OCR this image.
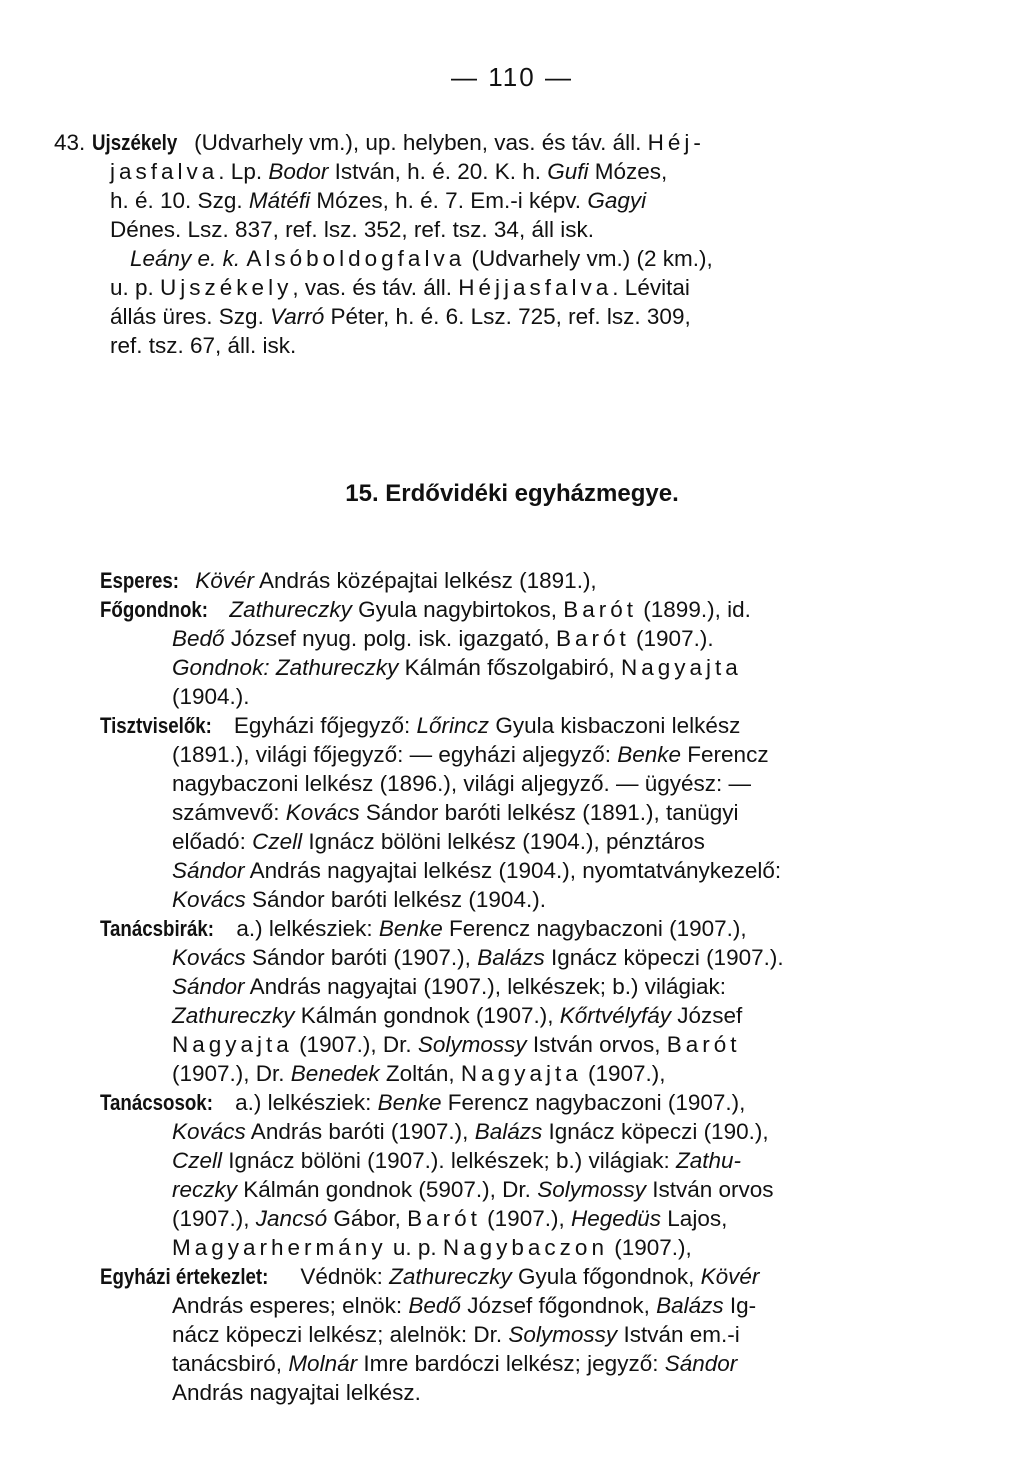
— 110 —
15. Erdővidéki egyházmegye.
43. Ujszékely (Udvarhely vm.), up. helyben, vas. és táv. áll. Héj-
jasfalva. Lp. Bodor István, h. é. 20. K. h. Gufi Mózes,
h. é. 10. Szg. Mátéfi Mózes, h. é. 7. Em.-i képv. Gagyi
Dénes. Lsz. 837, ref. lsz. 352, ref. tsz. 34, áll isk.
Leány e. k. Alsóboldogfalva (Udvarhely vm.) (2 km.),
u. p. Ujszékely, vas. és táv. áll. Héjjasfalva. Lévitai
állás üres. Szg. Varró Péter, h. é. 6. Lsz. 725, ref. lsz. 309,
ref. tsz. 67, áll. isk.
Esperes: Kövér András középajtai lelkész (1891.),
Főgondnok: Zathureczky Gyula nagybirtokos, Barót (1899.), id.
Bedő József nyug. polg. isk. igazgató, Barót (1907.).
Gondnok: Zathureczky Kálmán főszolgabiró, Nagyajta
(1904.).
Tisztviselők: Egyházi főjegyző: Lőrincz Gyula kisbaczoni lelkész
(1891.), világi főjegyző: — egyházi aljegyző: Benke Ferencz
nagybaczoni lelkész (1896.), világi aljegyző. — ügyész: —
számvevő: Kovács Sándor baróti lelkész (1891.), tanügyi
előadó: Czell Ignácz bölöni lelkész (1904.), pénztáros
Sándor András nagyajtai lelkész (1904.), nyomtatványkezelő:
Kovács Sándor baróti lelkész (1904.).
Tanácsbirák: a.) lelkésziek: Benke Ferencz nagybaczoni (1907.),
Kovács Sándor baróti (1907.), Balázs Ignácz köpeczi (1907.).
Sándor András nagyajtai (1907.), lelkészek; b.) világiak:
Zathureczky Kálmán gondnok (1907.), Kőrtvélyfáy József
Nagyajta (1907.), Dr. Solymossy István orvos, Barót
(1907.), Dr. Benedek Zoltán, Nagyajta (1907.),
Tanácsosok: a.) lelkésziek: Benke Ferencz nagybaczoni (1907.),
Kovács András baróti (1907.), Balázs Ignácz köpeczi (190.),
Czell Ignácz bölöni (1907.). lelkészek; b.) világiak: Zathu-
reczky Kálmán gondnok (5907.), Dr. Solymossy István orvos
(1907.), Jancsó Gábor, Barót (1907.), Hegedüs Lajos,
Magyarhermány u. p. Nagybaczon (1907.),
Egyházi értekezlet: Védnök: Zathureczky Gyula főgondnok, Kövér
András esperes; elnök: Bedő József főgondnok, Balázs Ig-
nácz köpeczi lelkész; alelnök: Dr. Solymossy István em.-i
tanácsbiró, Molnár Imre bardóczi lelkész; jegyző: Sándor
András nagyajtai lelkész.
